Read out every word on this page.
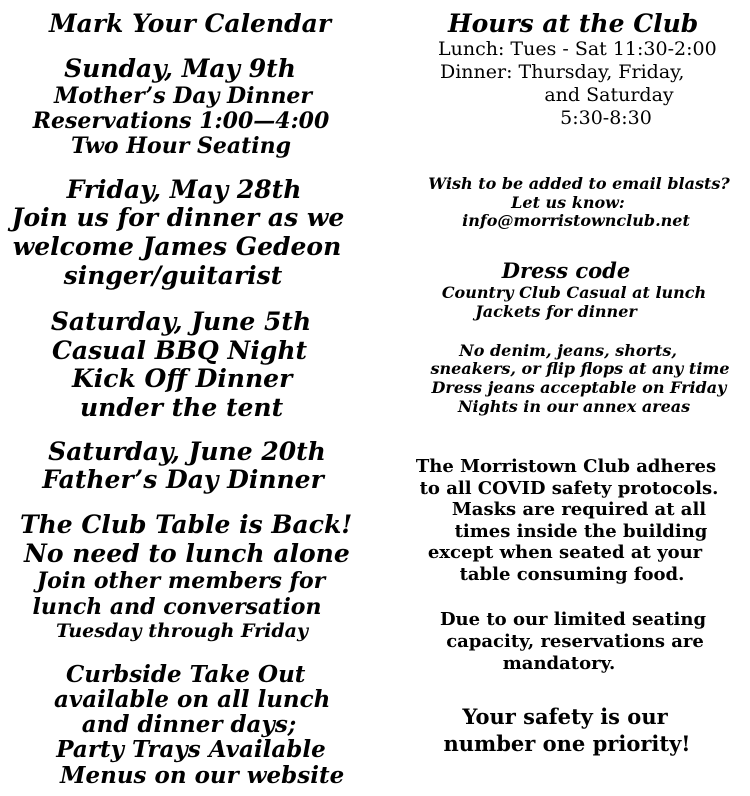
Mark Your Calendar
Sunday, May 9th
Mother’s Day Dinner
Reservations 1:00—4:00
Two Hour Seating
Friday, May 28th
Join us for dinner as we
welcome James Gedeon
singer/guitarist
Saturday, June 5th
Casual BBQ Night
Kick Off Dinner
under the tent
Saturday, June 20th
Father’s Day Dinner
The Club Table is Back!
No need to lunch alone
Join other members for
lunch and conversation
Tuesday through Friday
Curbside Take Out
available on all lunch
and dinner days;
Party Trays Available
Menus on our website
Hours at the Club
Lunch: Tues - Sat 11:30-2:00
Dinner: Thursday, Friday,
and Saturday
5:30-8:30
Wish to be added to email blasts?
Let us know:
info@morristownclub.net
Dress code
Country Club Casual at lunch
Jackets for dinner
No denim, jeans, shorts,
sneakers, or flip flops at any time
Dress jeans acceptable on Friday
Nights in our annex areas
The Morristown Club adheres
to all COVID safety protocols.
Masks are required at all
times inside the building
except when seated at your
table consuming food.
Due to our limited seating
capacity, reservations are
mandatory.
Your safety is our
number one priority!
